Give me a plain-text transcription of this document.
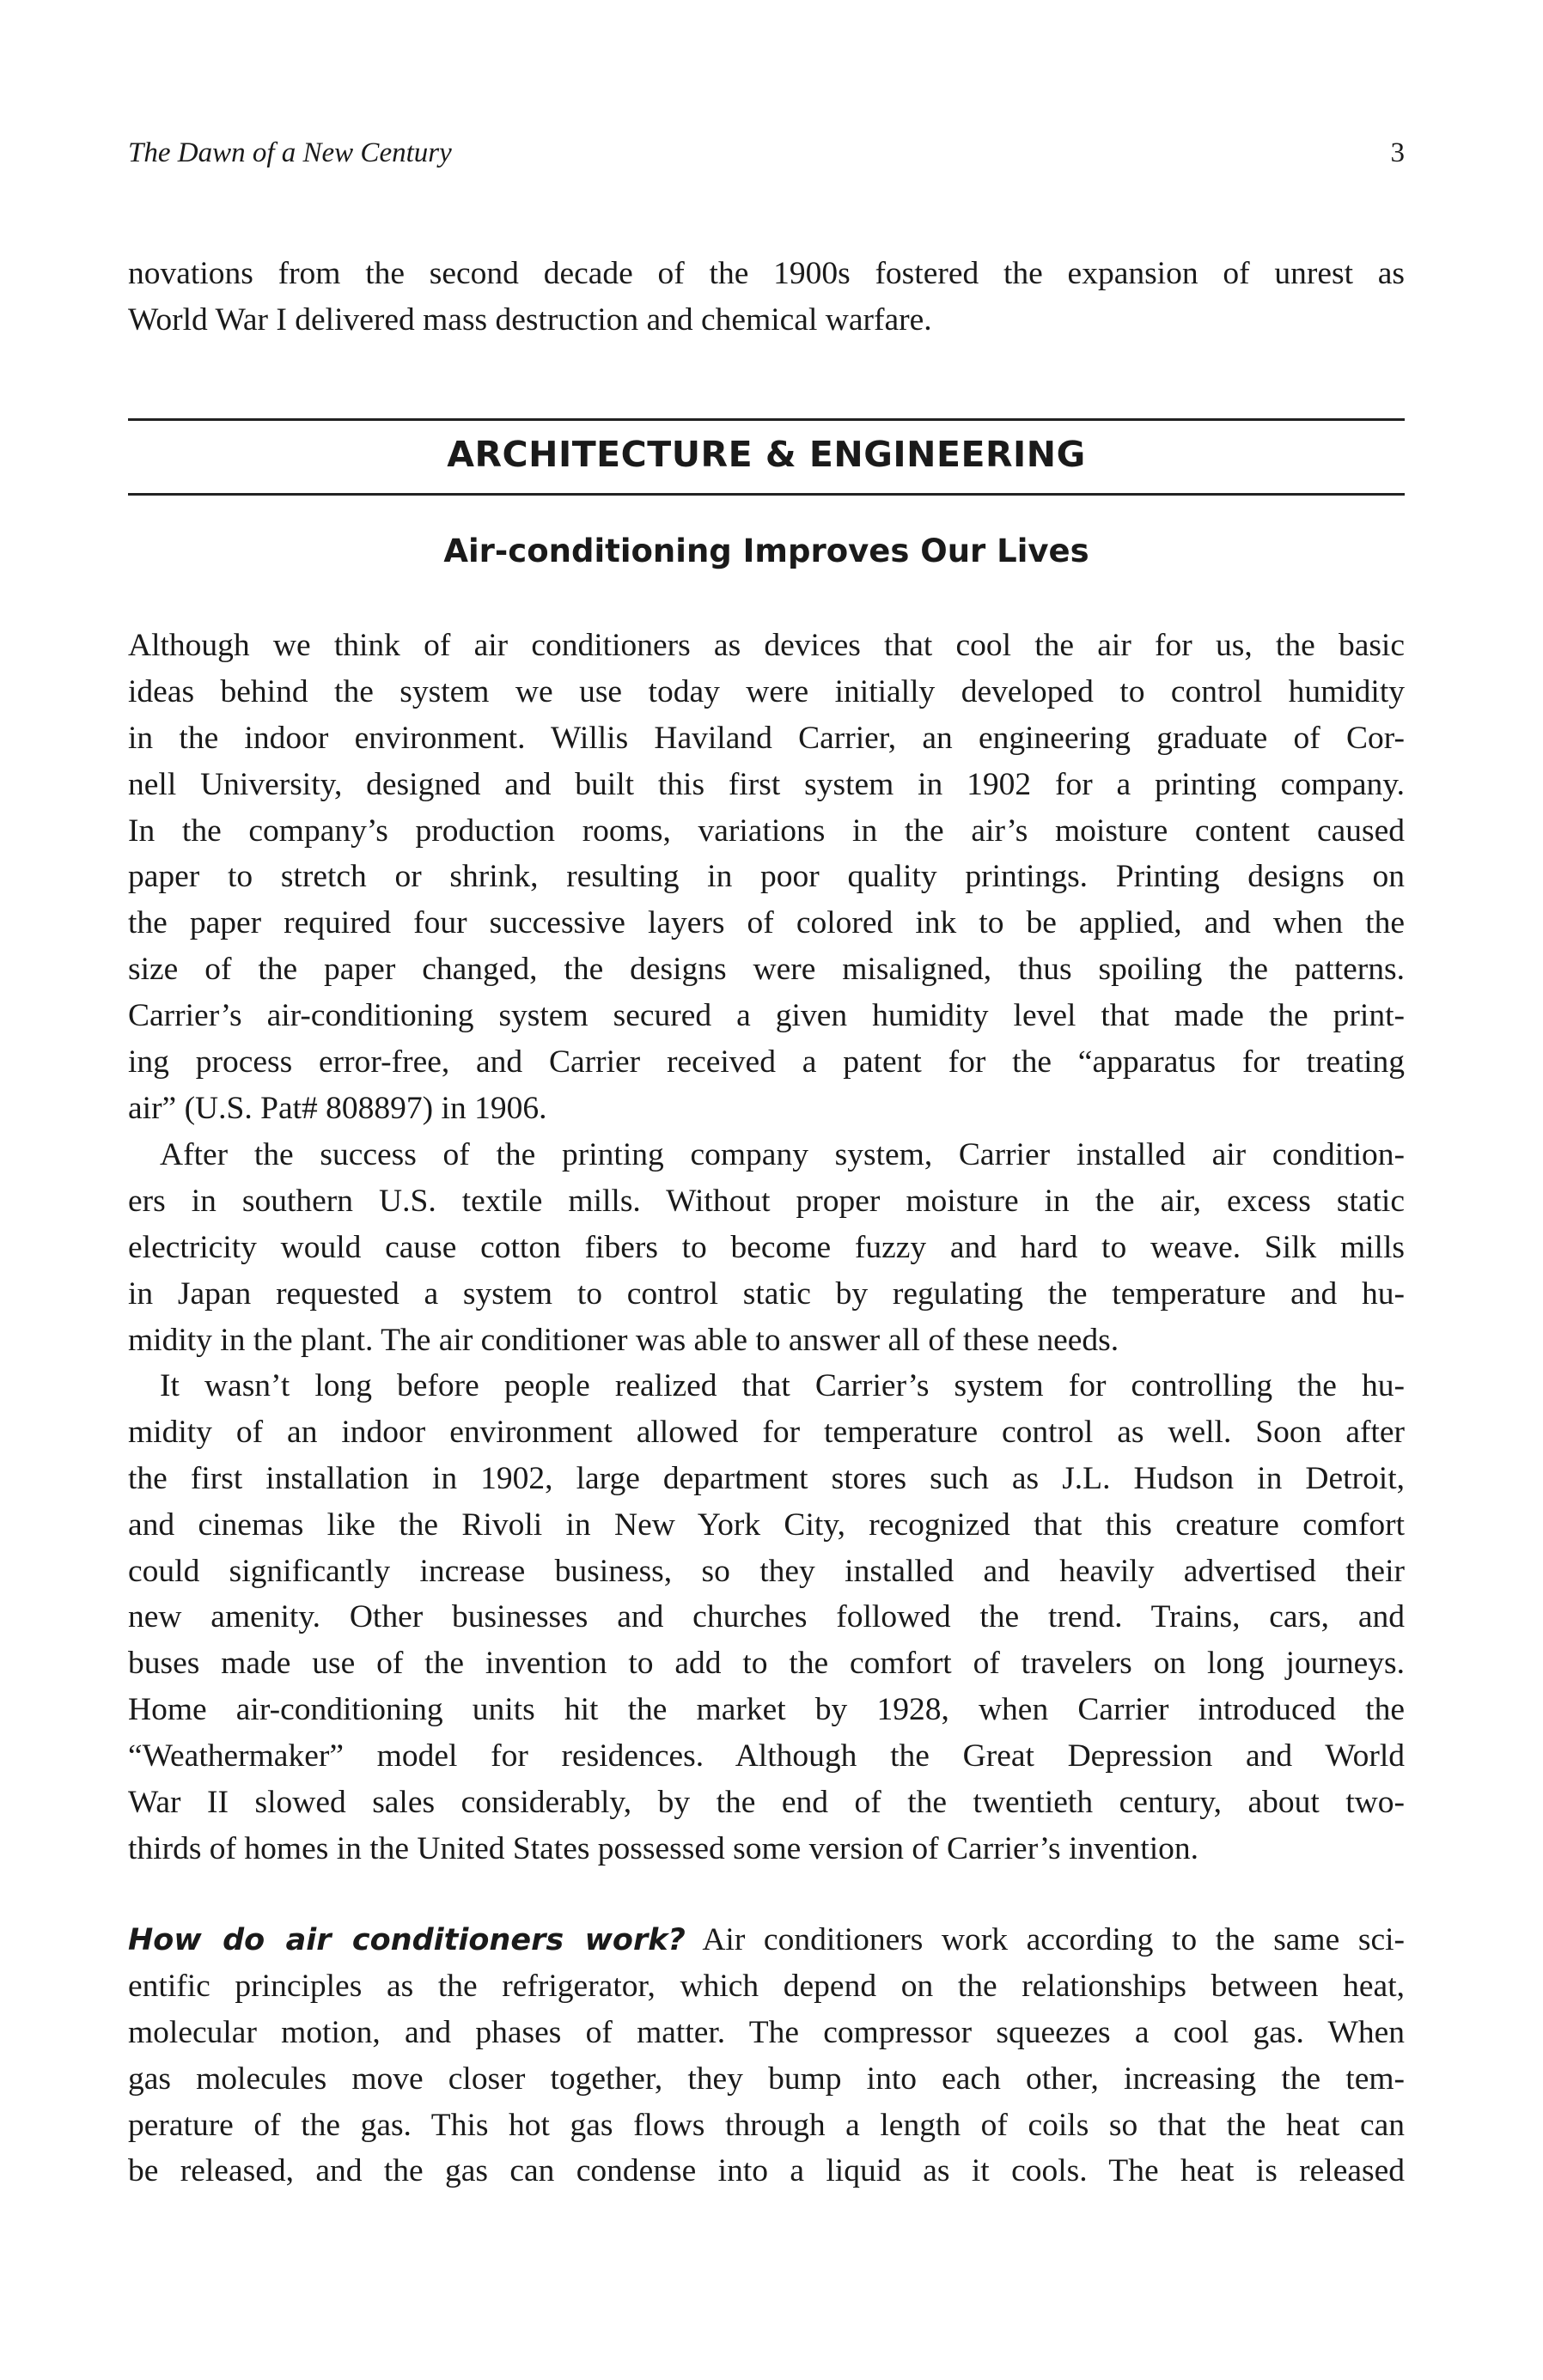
The Dawn of a New Century	3
novations from the second decade of the 1900s fostered the expansion of unrest as
World War I delivered mass destruction and chemical warfare.
ARCHITECTURE & ENGINEERING
Air-conditioning Improves Our Lives
Although we think of air conditioners as devices that cool the air for us, the basic
ideas behind the system we use today were initially developed to control humidity
in the indoor environment. Willis Haviland Carrier, an engineering graduate of Cor-
nell University, designed and built this first system in 1902 for a printing company.
In the company’s production rooms, variations in the air’s moisture content caused
paper to stretch or shrink, resulting in poor quality printings. Printing designs on
the paper required four successive layers of colored ink to be applied, and when the
size of the paper changed, the designs were misaligned, thus spoiling the patterns.
Carrier’s air-conditioning system secured a given humidity level that made the print-
ing process error-free, and Carrier received a patent for the “apparatus for treating
air” (U.S. Pat# 808897) in 1906.
After the success of the printing company system, Carrier installed air condition-
ers in southern U.S. textile mills. Without proper moisture in the air, excess static
electricity would cause cotton fibers to become fuzzy and hard to weave. Silk mills
in Japan requested a system to control static by regulating the temperature and hu-
midity in the plant. The air conditioner was able to answer all of these needs.
It wasn’t long before people realized that Carrier’s system for controlling the hu-
midity of an indoor environment allowed for temperature control as well. Soon after
the first installation in 1902, large department stores such as J.L. Hudson in Detroit,
and cinemas like the Rivoli in New York City, recognized that this creature comfort
could significantly increase business, so they installed and heavily advertised their
new amenity. Other businesses and churches followed the trend. Trains, cars, and
buses made use of the invention to add to the comfort of travelers on long journeys.
Home air-conditioning units hit the market by 1928, when Carrier introduced the
“Weathermaker” model for residences. Although the Great Depression and World
War II slowed sales considerably, by the end of the twentieth century, about two-
thirds of homes in the United States possessed some version of Carrier’s invention.
How do air conditioners work? Air conditioners work according to the same sci-
entific principles as the refrigerator, which depend on the relationships between heat,
molecular motion, and phases of matter. The compressor squeezes a cool gas. When
gas molecules move closer together, they bump into each other, increasing the tem-
perature of the gas. This hot gas flows through a length of coils so that the heat can
be released, and the gas can condense into a liquid as it cools. The heat is released
